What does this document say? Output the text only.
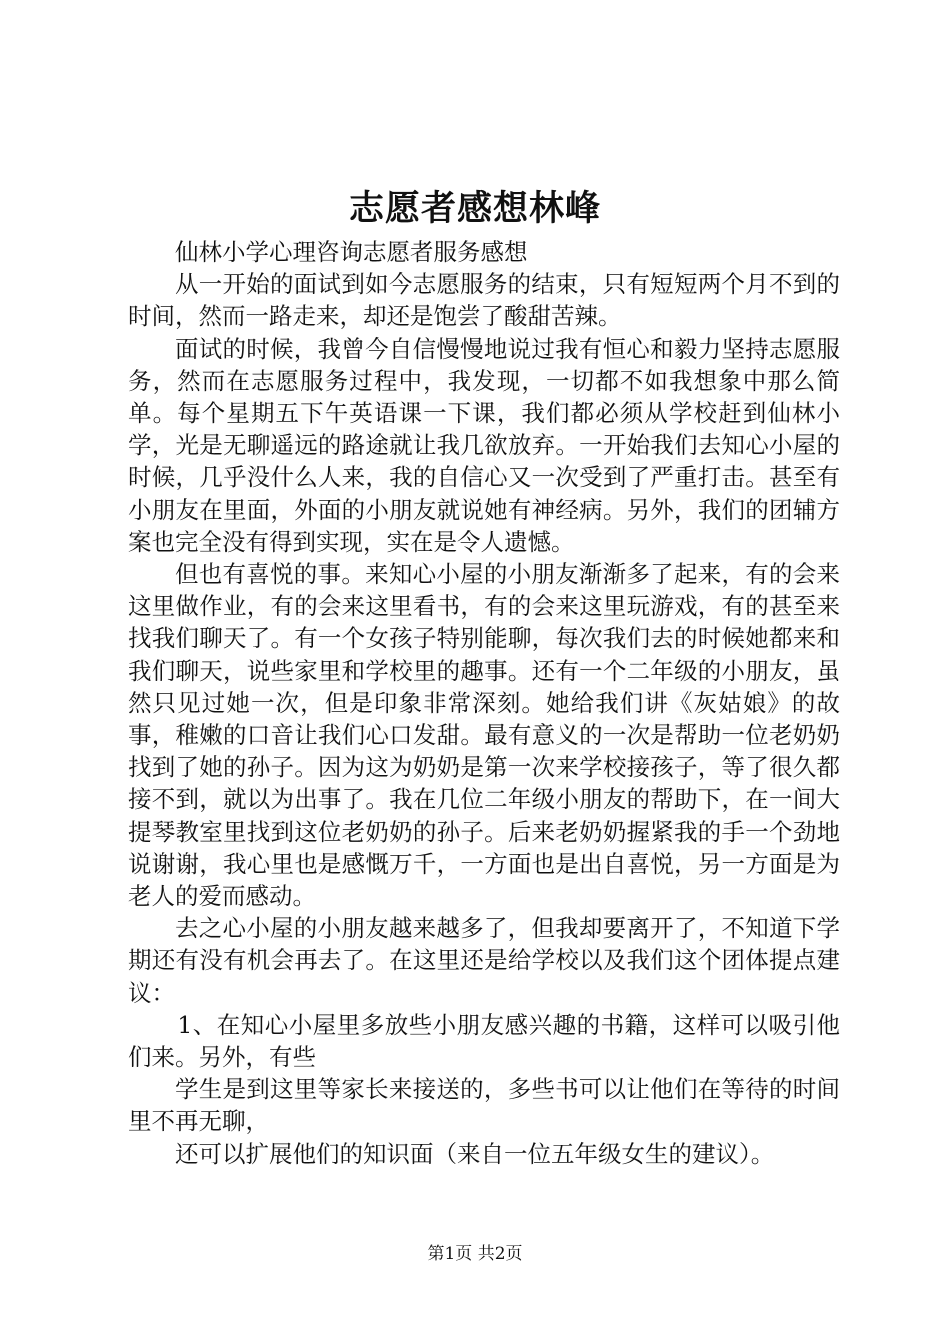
志愿者感想林峰

仙林小学心理咨询志愿者服务感想

从一开始的面试到如今志愿服务的结束，只有短短两个月不到的时间，然而一路走来，却还是饱尝了酸甜苦辣。

面试的时候，我曾今自信慢慢地说过我有恒心和毅力坚持志愿服务，然而在志愿服务过程中，我发现，一切都不如我想象中那么简单。每个星期五下午英语课一下课，我们都必须从学校赶到仙林小学，光是无聊遥远的路途就让我几欲放弃。一开始我们去知心小屋的时候，几乎没什么人来，我的自信心又一次受到了严重打击。甚至有小朋友在里面，外面的小朋友就说她有神经病。另外，我们的团辅方案也完全没有得到实现，实在是令人遗憾。

但也有喜悦的事。来知心小屋的小朋友渐渐多了起来，有的会来这里做作业，有的会来这里看书，有的会来这里玩游戏，有的甚至来找我们聊天了。有一个女孩子特别能聊，每次我们去的时候她都来和我们聊天，说些家里和学校里的趣事。还有一个二年级的小朋友，虽然只见过她一次，但是印象非常深刻。她给我们讲《灰姑娘》的故事，稚嫩的口音让我们心口发甜。最有意义的一次是帮助一位老奶奶找到了她的孙子。因为这为奶奶是第一次来学校接孩子，等了很久都接不到，就以为出事了。我在几位二年级小朋友的帮助下，在一间大提琴教室里找到这位老奶奶的孙子。后来老奶奶握紧我的手一个劲地说谢谢，我心里也是感慨万千，一方面也是出自喜悦，另一方面是为老人的爱而感动。

去之心小屋的小朋友越来越多了，但我却要离开了，不知道下学期还有没有机会再去了。在这里还是给学校以及我们这个团体提点建议：

1、在知心小屋里多放些小朋友感兴趣的书籍，这样可以吸引他们来。另外，有些

学生是到这里等家长来接送的，多些书可以让他们在等待的时间里不再无聊，

还可以扩展他们的知识面（来自一位五年级女生的建议）。

第1页 共2页
